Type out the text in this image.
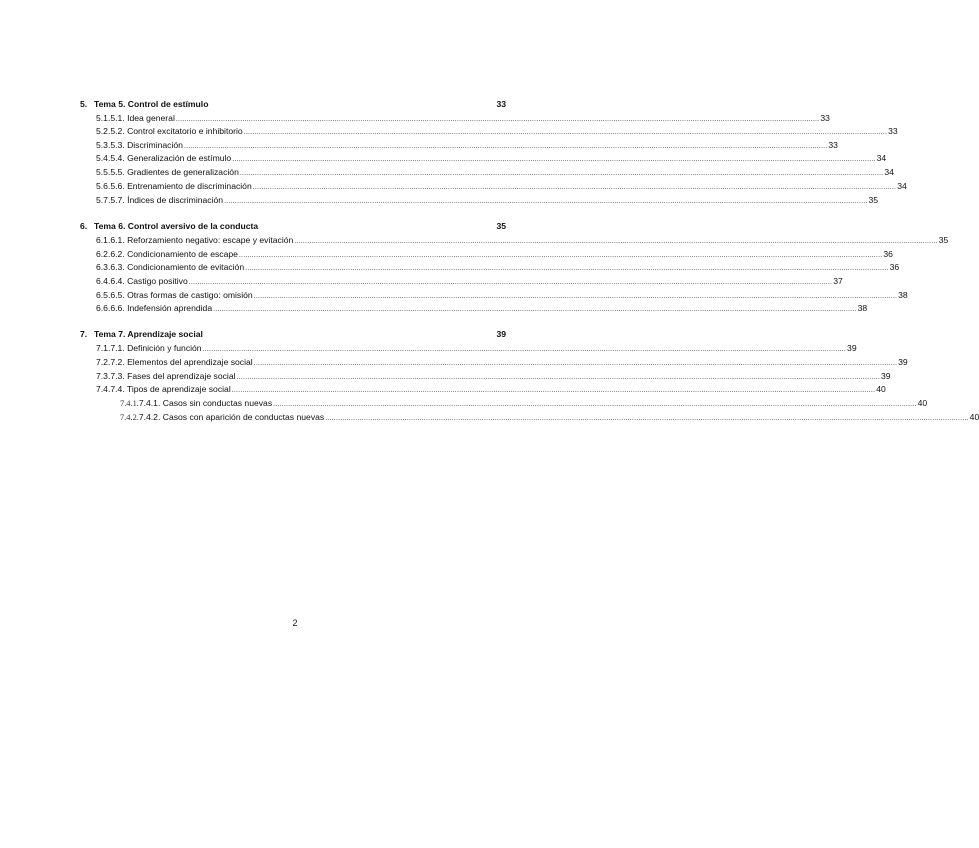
5. Tema 5. Control de estímulo	33
5.1. 5.1. Idea general ............................................................................................................................................................................................................................................................................................................ 33
5.2. 5.2. Control excitatorio e inhibitorio ............................................................................................................................................................................................................................................................................................................ 33
5.3. 5.3. Discriminación ............................................................................................................................................................................................................................................................................................................ 33
5.4. 5.4. Generalización de estímulo ............................................................................................................................................................................................................................................................................................................ 34
5.5. 5.5. Gradientes de generalización ............................................................................................................................................................................................................................................................................................................ 34
5.6. 5.6. Entrenamiento de discriminación ............................................................................................................................................................................................................................................................................................................ 34
5.7. 5.7. Índices de discriminación ............................................................................................................................................................................................................................................................................................................ 35
6. Tema 6. Control aversivo de la conducta	35
6.1. 6.1. Reforzamiento negativo: escape y evitación ............................................................................................................................................................................................................................................................................................................ 35
6.2. 6.2. Condicionamiento de escape ............................................................................................................................................................................................................................................................................................................ 36
6.3. 6.3. Condicionamiento de evitación ............................................................................................................................................................................................................................................................................................................ 36
6.4. 6.4. Castigo positivo ............................................................................................................................................................................................................................................................................................................ 37
6.5. 6.5. Otras formas de castigo: omisión ............................................................................................................................................................................................................................................................................................................ 38
6.6. 6.6. Indefensión aprendida ............................................................................................................................................................................................................................................................................................................ 38
7. Tema 7. Aprendizaje social	39
7.1. 7.1. Definición y función ............................................................................................................................................................................................................................................................................................................ 39
7.2. 7.2. Elementos del aprendizaje social ............................................................................................................................................................................................................................................................................................................ 39
7.3. 7.3. Fases del aprendizaje social ............................................................................................................................................................................................................................................................................................................ 39
7.4. 7.4. Tipos de aprendizaje social ............................................................................................................................................................................................................................................................................................................ 40
7.4.1. 7.4.1. Casos sin conductas nuevas ............................................................................................................................................................................................................................................................................................................ 40
7.4.2. 7.4.2. Casos con aparición de conductas nuevas ............................................................................................................................................................................................................................................................................................................ 40
2
